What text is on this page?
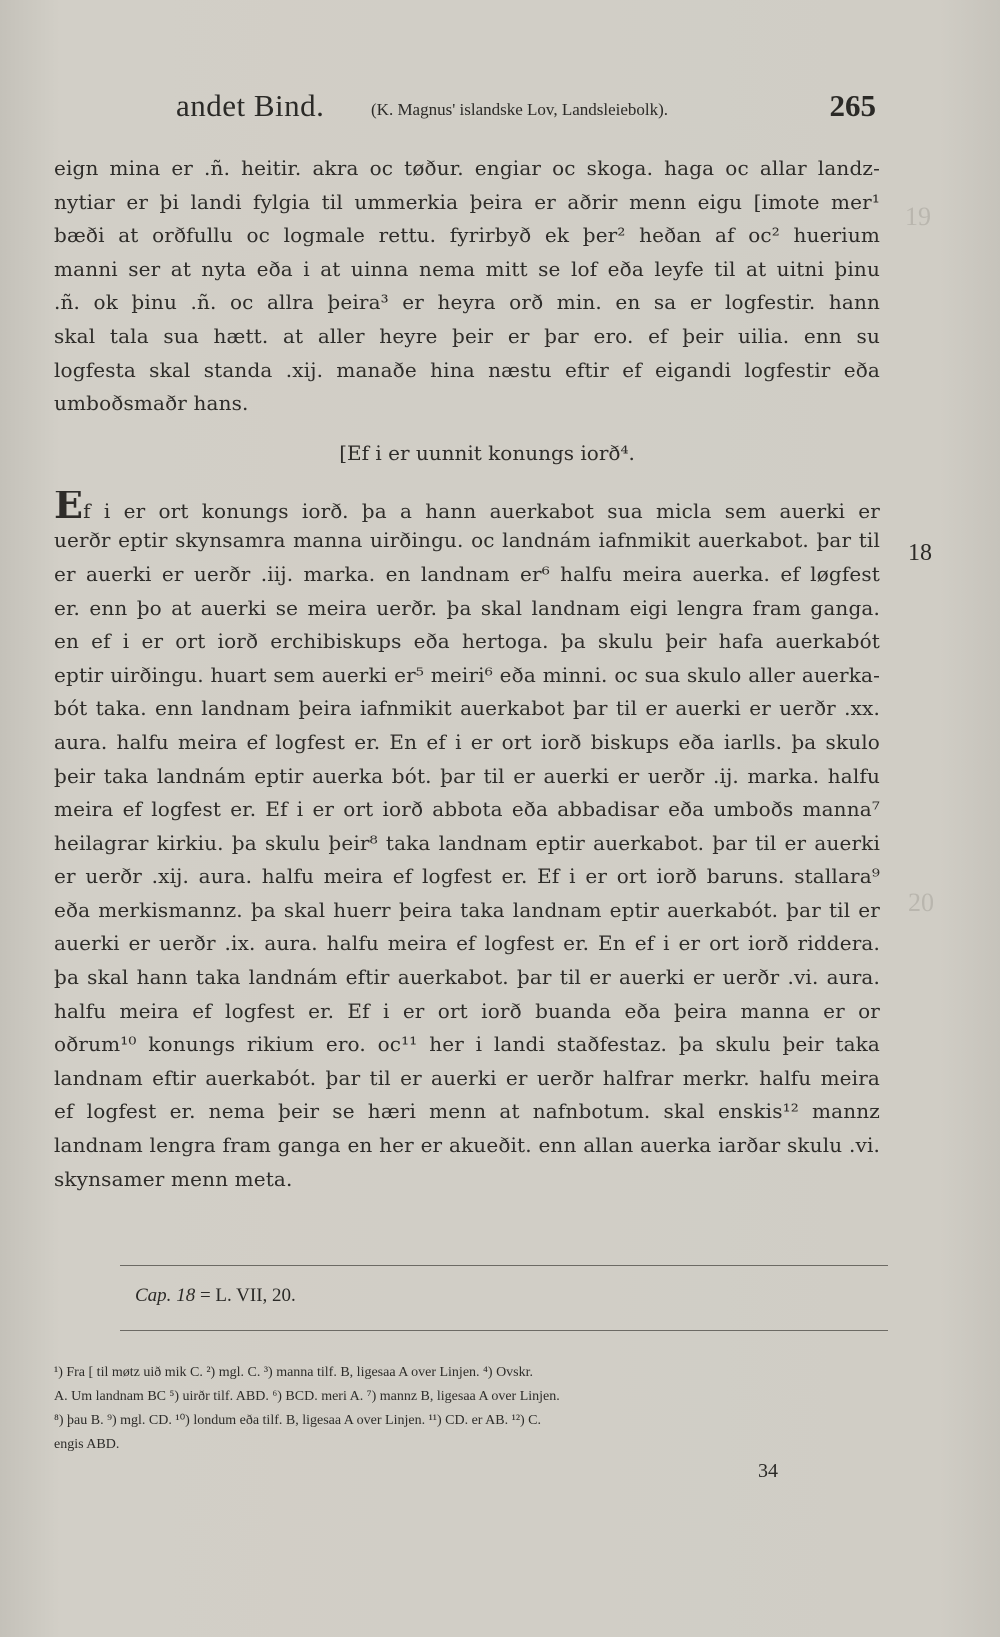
19
20
andet Bind.	(K. Magnus' islandske Lov, Landsleiebolk).	265
eign mina er .ñ. heitir. akra oc tøður. engiar oc skoga. haga oc allar landz-
nytiar er þi landi fylgia til ummerkia þeira er aðrir menn eigu [imote mer¹
bæði at orðfullu oc logmale rettu. fyrirbyð ek þer² heðan af oc² huerium
manni ser at nyta eða i at uinna nema mitt se lof eða leyfe til at uitni þinu
.ñ. ok þinu .ñ. oc allra þeira³ er heyra orð min. en sa er logfestir. hann
skal tala sua hætt. at aller heyre þeir er þar ero. ef þeir uilia. enn su
logfesta skal standa .xij. manaðe hina næstu eftir ef eigandi logfestir eða
umboðsmaðr hans.
[Ef i er uunnit konungs iorð⁴.
Ef i er ort konungs iorð. þa a hann auerkabot sua micla sem auerki er
uerðr eptir skynsamra manna uirðingu. oc landnám iafnmikit auerkabot. þar til
er auerki er uerðr .iij. marka. en landnam er⁶ halfu meira auerka. ef løgfest
er. enn þo at auerki se meira uerðr. þa skal landnam eigi lengra fram ganga.
en ef i er ort iorð erchibiskups eða hertoga. þa skulu þeir hafa auerkabót
eptir uirðingu. huart sem auerki er⁵ meiri⁶ eða minni. oc sua skulo aller auerka-
bót taka. enn landnam þeira iafnmikit auerkabot þar til er auerki er uerðr .xx.
aura. halfu meira ef logfest er. En ef i er ort iorð biskups eða iarlls. þa skulo
þeir taka landnám eptir auerka bót. þar til er auerki er uerðr .ij. marka. halfu
meira ef logfest er. Ef i er ort iorð abbota eða abbadisar eða umboðs manna⁷
heilagrar kirkiu. þa skulu þeir⁸ taka landnam eptir auerkabot. þar til er auerki
er uerðr .xij. aura. halfu meira ef logfest er. Ef i er ort iorð baruns. stallara⁹
eða merkismannz. þa skal huerr þeira taka landnam eptir auerkabót. þar til er
auerki er uerðr .ix. aura. halfu meira ef logfest er. En ef i er ort iorð riddera.
þa skal hann taka landnám eftir auerkabot. þar til er auerki er uerðr .vi. aura.
halfu meira ef logfest er. Ef i er ort iorð buanda eða þeira manna er or
oðrum¹⁰ konungs rikium ero. oc¹¹ her i landi staðfestaz. þa skulu þeir taka
landnam eftir auerkabót. þar til er auerki er uerðr halfrar merkr. halfu meira
ef logfest er. nema þeir se hæri menn at nafnbotum. skal enskis¹² mannz
landnam lengra fram ganga en her er akueðit. enn allan auerka iarðar skulu .vi.
skynsamer menn meta.
18
Cap. 18 = L. VII, 20.
¹) Fra [ til møtz uið mik C. ²) mgl. C. ³) manna tilf. B, ligesaa A over Linjen. ⁴) Ovskr.
A. Um landnam BC ⁵) uirðr tilf. ABD. ⁶) BCD. meri A. ⁷) mannz B, ligesaa A over Linjen.
⁸) þau B. ⁹) mgl. CD. ¹⁰) londum eða tilf. B, ligesaa A over Linjen. ¹¹) CD. er AB. ¹²) C.
engis ABD.
34
